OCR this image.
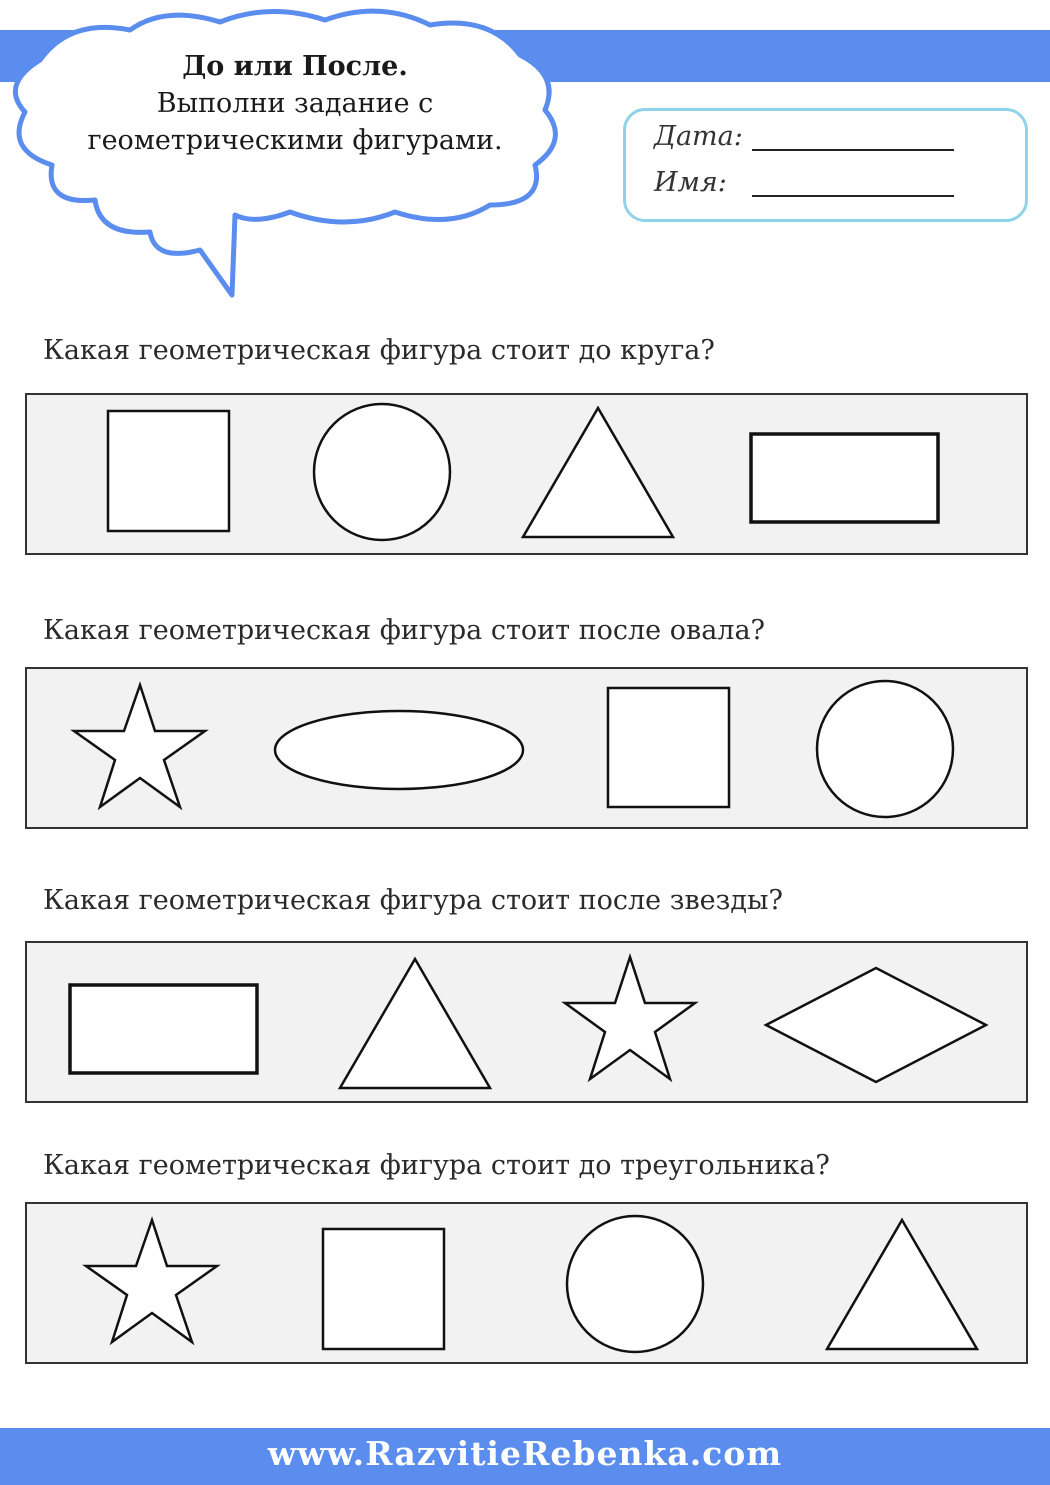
До или После.
Выполни задание с
геометрическими фигурами.	Дата:
Имя:
Какая геометрическая фигура стоит до круга?
Какая геометрическая фигура стоит после овала?
Какая геометрическая фигура стоит после звезды?
Какая геометрическая фигура стоит до треугольника?
www.RazvitieRebenka.com
